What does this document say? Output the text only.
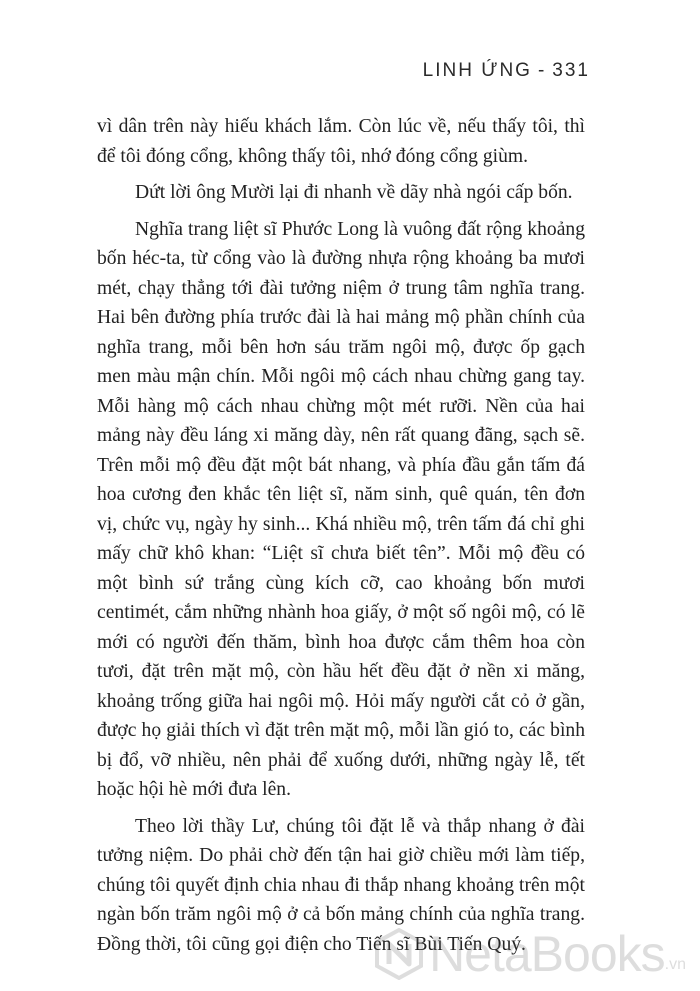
LINH ỨNG - 331

vì dân trên này hiếu khách lắm. Còn lúc về, nếu thấy tôi, thì để tôi đóng cổng, không thấy tôi, nhớ đóng cổng giùm.

Dứt lời ông Mười lại đi nhanh về dãy nhà ngói cấp bốn.

Nghĩa trang liệt sĩ Phước Long là vuông đất rộng khoảng bốn héc-ta, từ cổng vào là đường nhựa rộng khoảng ba mươi mét, chạy thẳng tới đài tưởng niệm ở trung tâm nghĩa trang. Hai bên đường phía trước đài là hai mảng mộ phần chính của nghĩa trang, mỗi bên hơn sáu trăm ngôi mộ, được ốp gạch men màu mận chín. Mỗi ngôi mộ cách nhau chừng gang tay. Mỗi hàng mộ cách nhau chừng một mét rưỡi. Nền của hai mảng này đều láng xi măng dày, nên rất quang đãng, sạch sẽ. Trên mỗi mộ đều đặt một bát nhang, và phía đầu gắn tấm đá hoa cương đen khắc tên liệt sĩ, năm sinh, quê quán, tên đơn vị, chức vụ, ngày hy sinh... Khá nhiều mộ, trên tấm đá chỉ ghi mấy chữ khô khan: “Liệt sĩ chưa biết tên”. Mỗi mộ đều có một bình sứ trắng cùng kích cỡ, cao khoảng bốn mươi centimét, cắm những nhành hoa giấy, ở một số ngôi mộ, có lẽ mới có người đến thăm, bình hoa được cắm thêm hoa còn tươi, đặt trên mặt mộ, còn hầu hết đều đặt ở nền xi măng, khoảng trống giữa hai ngôi mộ. Hỏi mấy người cắt cỏ ở gần, được họ giải thích vì đặt trên mặt mộ, mỗi lần gió to, các bình bị đổ, vỡ nhiều, nên phải để xuống dưới, những ngày lễ, tết hoặc hội hè mới đưa lên.

Theo lời thầy Lư, chúng tôi đặt lễ và thắp nhang ở đài tưởng niệm. Do phải chờ đến tận hai giờ chiều mới làm tiếp, chúng tôi quyết định chia nhau đi thắp nhang khoảng trên một ngàn bốn trăm ngôi mộ ở cả bốn mảng chính của nghĩa trang. Đồng thời, tôi cũng gọi điện cho Tiến sĩ Bùi Tiến Quý.

NetaBooks .vn
